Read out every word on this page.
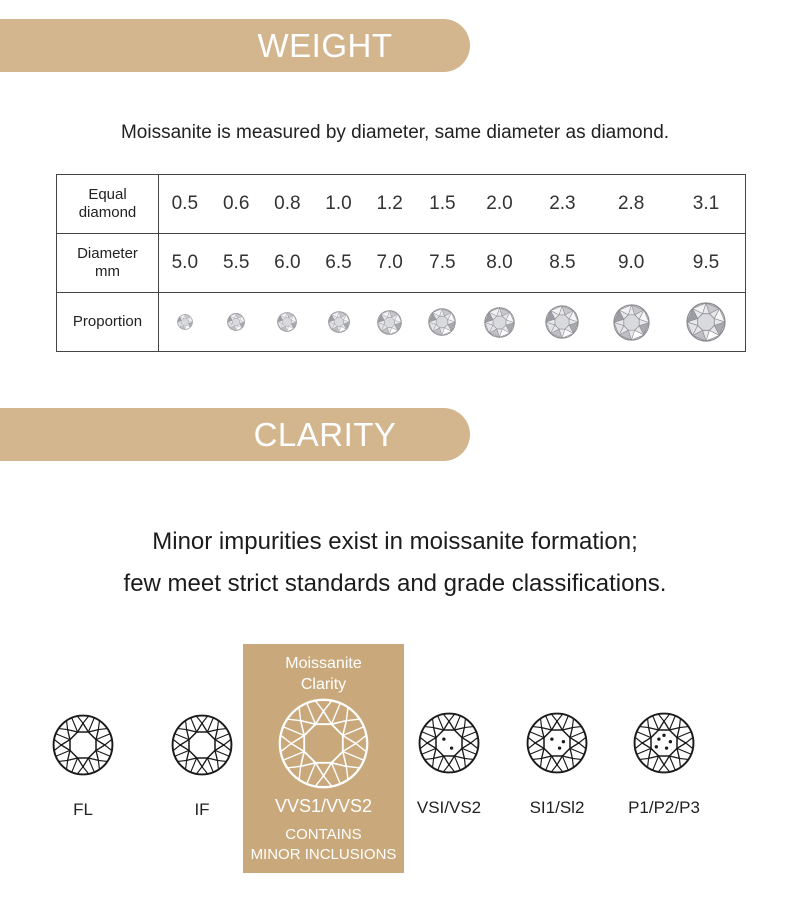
WEIGHT
Moissanite is measured by diameter, same diameter as diamond.
Equal
diamond	0.5	0.6	0.8	1.0	1.2	1.5	2.0	2.3	2.8	3.1
Diameter
mm	5.0	5.5	6.0	6.5	7.0	7.5	8.0	8.5	9.0	9.5
Proportion	

CLARITY
Minor impurities exist in moissanite formation;
few meet strict standards and grade classifications.
Moissanite
Clarity
VVS1/VVS2
CONTAINS
MINOR INCLUSIONS
FL	IF	VSI/VS2	SI1/Sl2	P1/P2/P3
